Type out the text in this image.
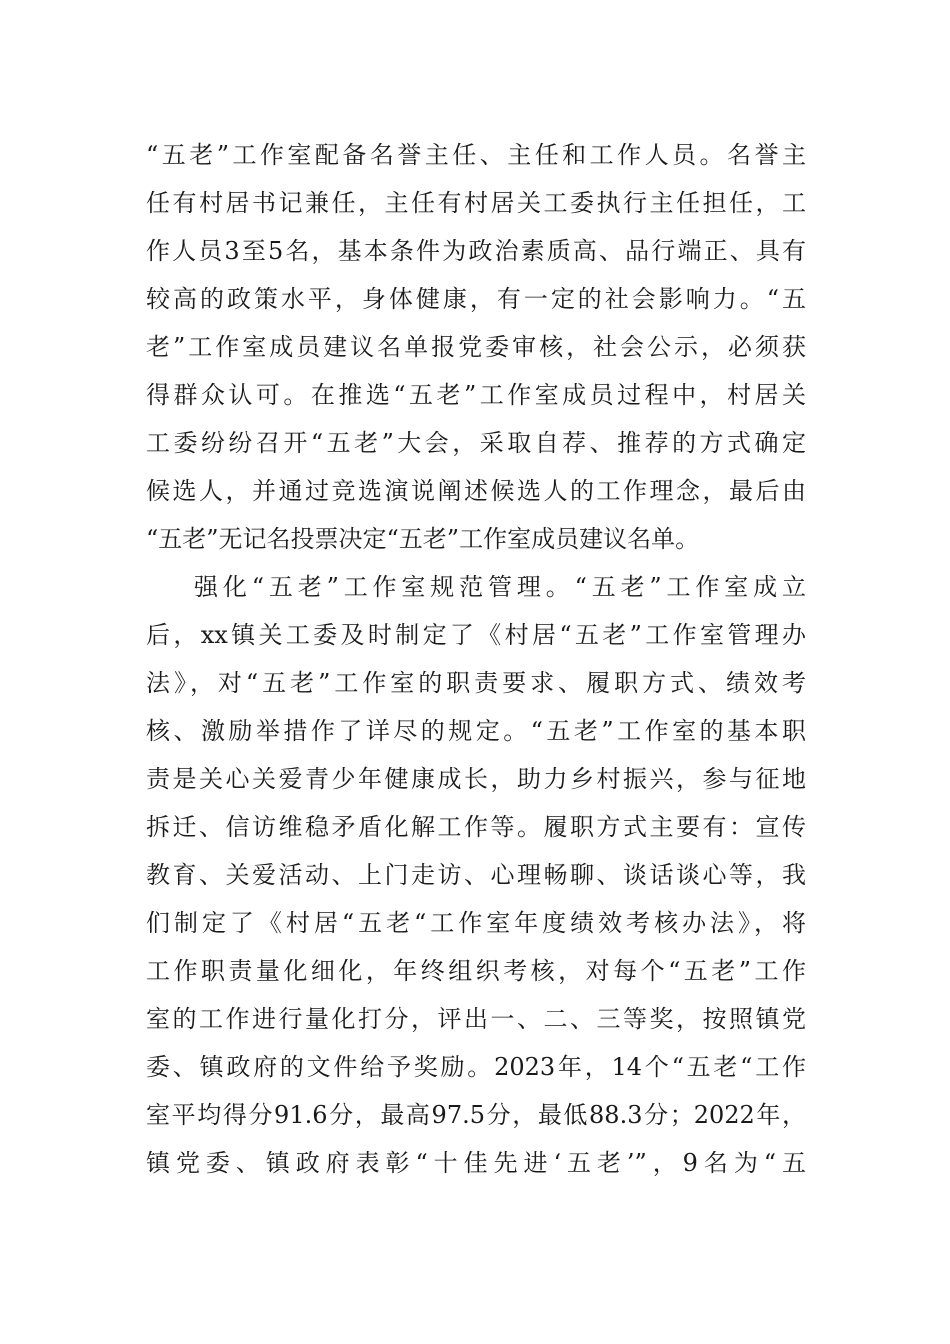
“五老”工作室配备名誉主任、主任和工作人员。名誉主
任有村居书记兼任，主任有村居关工委执行主任担任，工
作人员3至5名，基本条件为政治素质高、品行端正、具有
较高的政策水平，身体健康，有一定的社会影响力。“五
老”工作室成员建议名单报党委审核，社会公示，必须获
得群众认可。在推选“五老”工作室成员过程中，村居关
工委纷纷召开“五老”大会，采取自荐、推荐的方式确定
候选人，并通过竞选演说阐述候选人的工作理念，最后由
“五老”无记名投票决定“五老”工作室成员建议名单。
强化“五老”工作室规范管理。“五老”工作室成立
后，xx镇关工委及时制定了《村居“五老”工作室管理办
法》，对“五老”工作室的职责要求、履职方式、绩效考
核、激励举措作了详尽的规定。“五老”工作室的基本职
责是关心关爱青少年健康成长，助力乡村振兴，参与征地
拆迁、信访维稳矛盾化解工作等。履职方式主要有：宣传
教育、关爱活动、上门走访、心理畅聊、谈话谈心等，我
们制定了《村居“五老“工作室年度绩效考核办法》，将
工作职责量化细化，年终组织考核，对每个“五老”工作
室的工作进行量化打分，评出一、二、三等奖，按照镇党
委、镇政府的文件给予奖励。2023年，14个“五老“工作
室平均得分91.6分，最高97.5分，最低88.3分；2022年，
镇党委、镇政府表彰“十佳先进‘五老’”，9名为“五
